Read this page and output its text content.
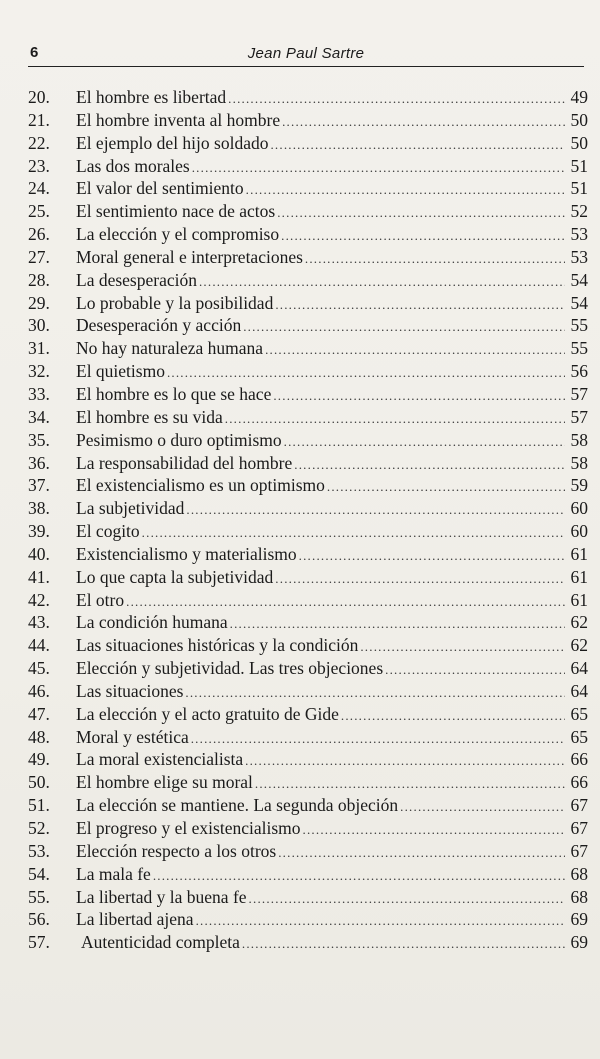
6	Jean Paul Sartre
20. El hombre es libertad .....	49
21. El hombre inventa al hombre .....	50
22. El ejemplo del hijo soldado .....	50
23. Las dos morales .....	51
24. El valor del sentimiento .....	51
25. El sentimiento nace de actos .....	52
26. La elección y el compromiso .....	53
27. Moral general e interpretaciones .....	53
28. La desesperación .....	54
29. Lo probable y la posibilidad .....	54
30. Desesperación y acción .....	55
31. No hay naturaleza humana .....	55
32. El quietismo .....	56
33. El hombre es lo que se hace .....	57
34. El hombre es su vida .....	57
35. Pesimismo o duro optimismo .....	58
36. La responsabilidad del hombre .....	58
37. El existencialismo es un optimismo .....	59
38. La subjetividad .....	60
39. El cogito .....	60
40. Existencialismo y materialismo .....	61
41. Lo que capta la subjetividad .....	61
42. El otro .....	61
43. La condición humana .....	62
44. Las situaciones históricas y la condición .....	62
45. Elección y subjetividad. Las tres objeciones .....	64
46. Las situaciones .....	64
47. La elección y el acto gratuito de Gide .....	65
48. Moral y estética .....	65
49. La moral existencialista .....	66
50. El hombre elige su moral .....	66
51. La elección se mantiene. La segunda objeción .....	67
52. El progreso y el existencialismo .....	67
53. Elección respecto a los otros .....	67
54. La mala fe .....	68
55. La libertad y la buena fe .....	68
56. La libertad ajena .....	69
57. Autenticidad completa .....	69
